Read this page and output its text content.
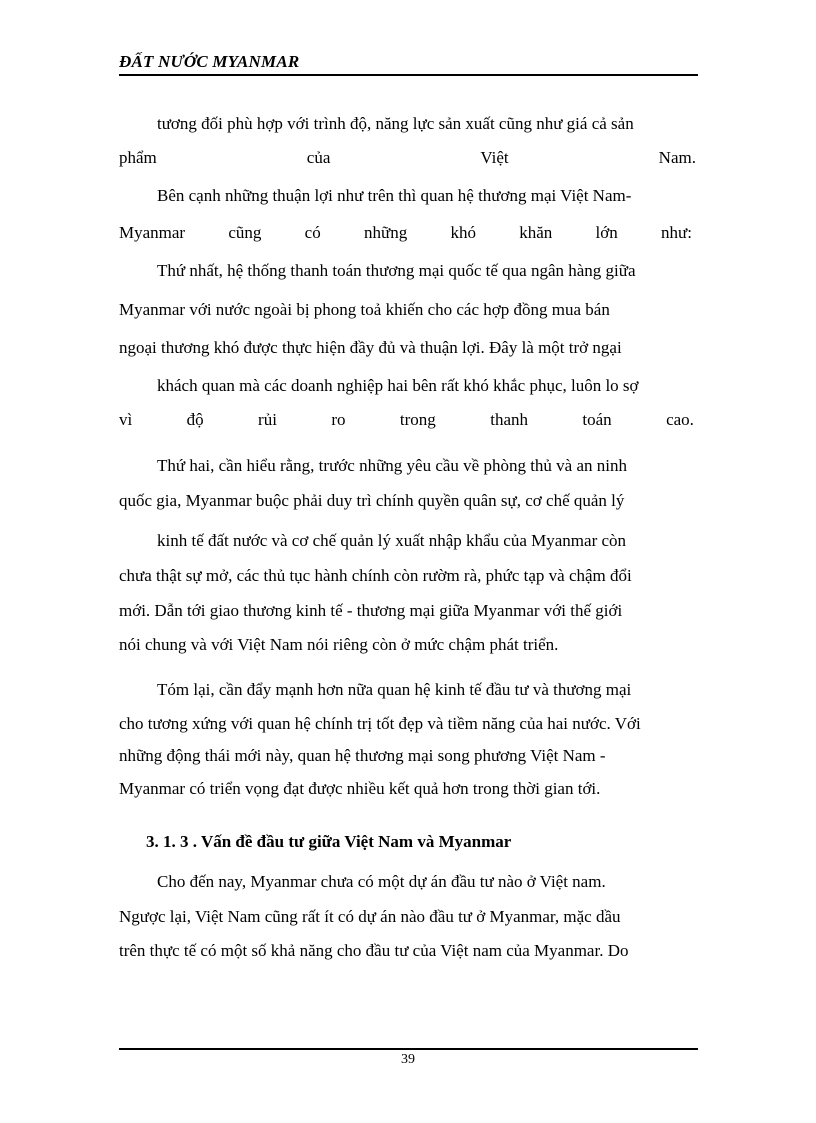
ĐẤT NƯỚC MYANMAR
tương đối phù hợp với trình độ, năng lực sản xuất cũng như giá cả sản
phẩm	của	Việt	Nam.
Bên cạnh những thuận lợi như trên thì quan hệ thương mại Việt Nam-
Myanmar	cũng	có	những	khó	khăn	lớn	như:
Thứ nhất, hệ thống thanh toán thương mại quốc tế qua ngân hàng giữa
Myanmar với nước ngoài bị phong toả khiến cho các hợp đồng mua bán
ngoại thương khó được thực hiện đầy đủ và thuận lợi. Đây là một trở ngại
khách quan mà các doanh nghiệp hai bên rất khó khắc phục, luôn lo sợ
vì	độ	rủi	ro	trong	thanh	toán	cao.
Thứ hai, cần hiểu rằng, trước những yêu cầu về phòng thủ và an ninh
quốc gia, Myanmar buộc phải duy trì chính quyền quân sự, cơ chế quản lý
kinh tế đất nước và cơ chế quản lý xuất nhập khẩu của Myanmar còn
chưa thật sự mở, các thủ tục hành chính còn rườm rà, phức tạp và chậm đổi
mới. Dẫn tới giao thương kinh tế - thương mại giữa Myanmar với thế giới
nói chung và với Việt Nam nói riêng còn ở mức chậm phát triển.
Tóm lại, cần đẩy mạnh hơn nữa quan hệ kinh tế đầu tư và thương mại
cho tương xứng với quan hệ chính trị tốt đẹp và tiềm năng của hai nước. Với
những động thái mới này, quan hệ thương mại song phương Việt Nam -
Myanmar có triển vọng đạt được nhiều kết quả hơn trong thời gian tới.
3. 1. 3 . Vấn đề đầu tư giữa Việt Nam và Myanmar
Cho đến nay, Myanmar chưa có một dự án đầu tư nào ở Việt nam.
Ngược lại, Việt Nam cũng rất ít có dự án nào đầu tư ở Myanmar, mặc dầu
trên thực tế có một số khả năng cho đầu tư của Việt nam của Myanmar. Do
39
